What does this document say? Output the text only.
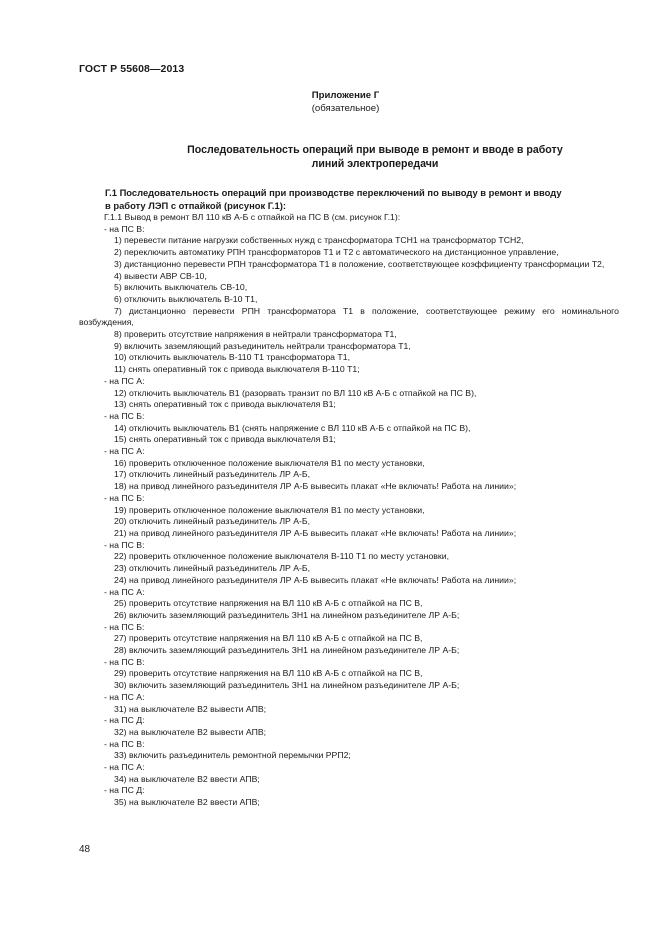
ГОСТ Р 55608—2013
Приложение Г
(обязательное)
Последовательность операций при выводе в ремонт и вводе в работу
линий электропередачи
Г.1 Последовательность операций при производстве переключений по выводу в ремонт и вводу
в работу ЛЭП с отпайкой (рисунок Г.1):
Г.1.1 Вывод в ремонт ВЛ 110 кВ А-Б с отпайкой на ПС В (см. рисунок Г.1):
- на ПС В:
1) перевести питание нагрузки собственных нужд с трансформатора ТСН1 на трансформатор ТСН2,
2) переключить автоматику РПН трансформаторов Т1 и Т2 с автоматического на дистанционное управление,
3) дистанционно перевести РПН трансформатора Т1 в положение, соответствующее коэффициенту трансформации Т2,
4) вывести АВР СВ-10,
5) включить выключатель СВ-10,
6) отключить выключатель В-10 Т1,
7) дистанционно перевести РПН трансформатора Т1 в положение, соответствующее режиму его номинального возбуждения,
8) проверить отсутствие напряжения в нейтрали трансформатора Т1,
9) включить заземляющий разъединитель нейтрали трансформатора Т1,
10) отключить выключатель В-110 Т1 трансформатора Т1,
11) снять оперативный ток с привода выключателя В-110 Т1;
- на ПС А:
12) отключить выключатель В1 (разорвать транзит по ВЛ 110 кВ А-Б с отпайкой на ПС В),
13) снять оперативный ток с привода выключателя В1;
- на ПС Б:
14) отключить выключатель В1 (снять напряжение с ВЛ 110 кВ А-Б с отпайкой на ПС В),
15) снять оперативный ток с привода выключателя В1;
- на ПС А:
16) проверить отключенное положение выключателя В1 по месту установки,
17) отключить линейный разъединитель ЛР А-Б,
18) на привод линейного разъединителя ЛР А-Б вывесить плакат «Не включать! Работа на линии»;
- на ПС Б:
19) проверить отключенное положение выключателя В1 по месту установки,
20) отключить линейный разъединитель ЛР А-Б,
21) на привод линейного разъединителя ЛР А-Б вывесить плакат «Не включать! Работа на линии»;
- на ПС В:
22) проверить отключенное положение выключателя В-110 Т1 по месту установки,
23) отключить линейный разъединитель ЛР А-Б,
24) на привод линейного разъединителя ЛР А-Б вывесить плакат «Не включать! Работа на линии»;
- на ПС А:
25) проверить отсутствие напряжения на ВЛ 110 кВ А-Б с отпайкой на ПС В,
26) включить заземляющий разъединитель ЗН1 на линейном разъединителе ЛР А-Б;
- на ПС Б:
27) проверить отсутствие напряжения на ВЛ 110 кВ А-Б с отпайкой на ПС В,
28) включить заземляющий разъединитель ЗН1 на линейном разъединителе ЛР А-Б;
- на ПС В:
29) проверить отсутствие напряжения на ВЛ 110 кВ А-Б с отпайкой на ПС В,
30) включить заземляющий разъединитель ЗН1 на линейном разъединителе ЛР А-Б;
- на ПС А:
31) на выключателе В2 вывести АПВ;
- на ПС Д:
32) на выключателе В2 вывести АПВ;
- на ПС В:
33) включить разъединитель ремонтной перемычки РРП2;
- на ПС А:
34) на выключателе В2 ввести АПВ;
- на ПС Д:
35) на выключателе В2 ввести АПВ;
48
